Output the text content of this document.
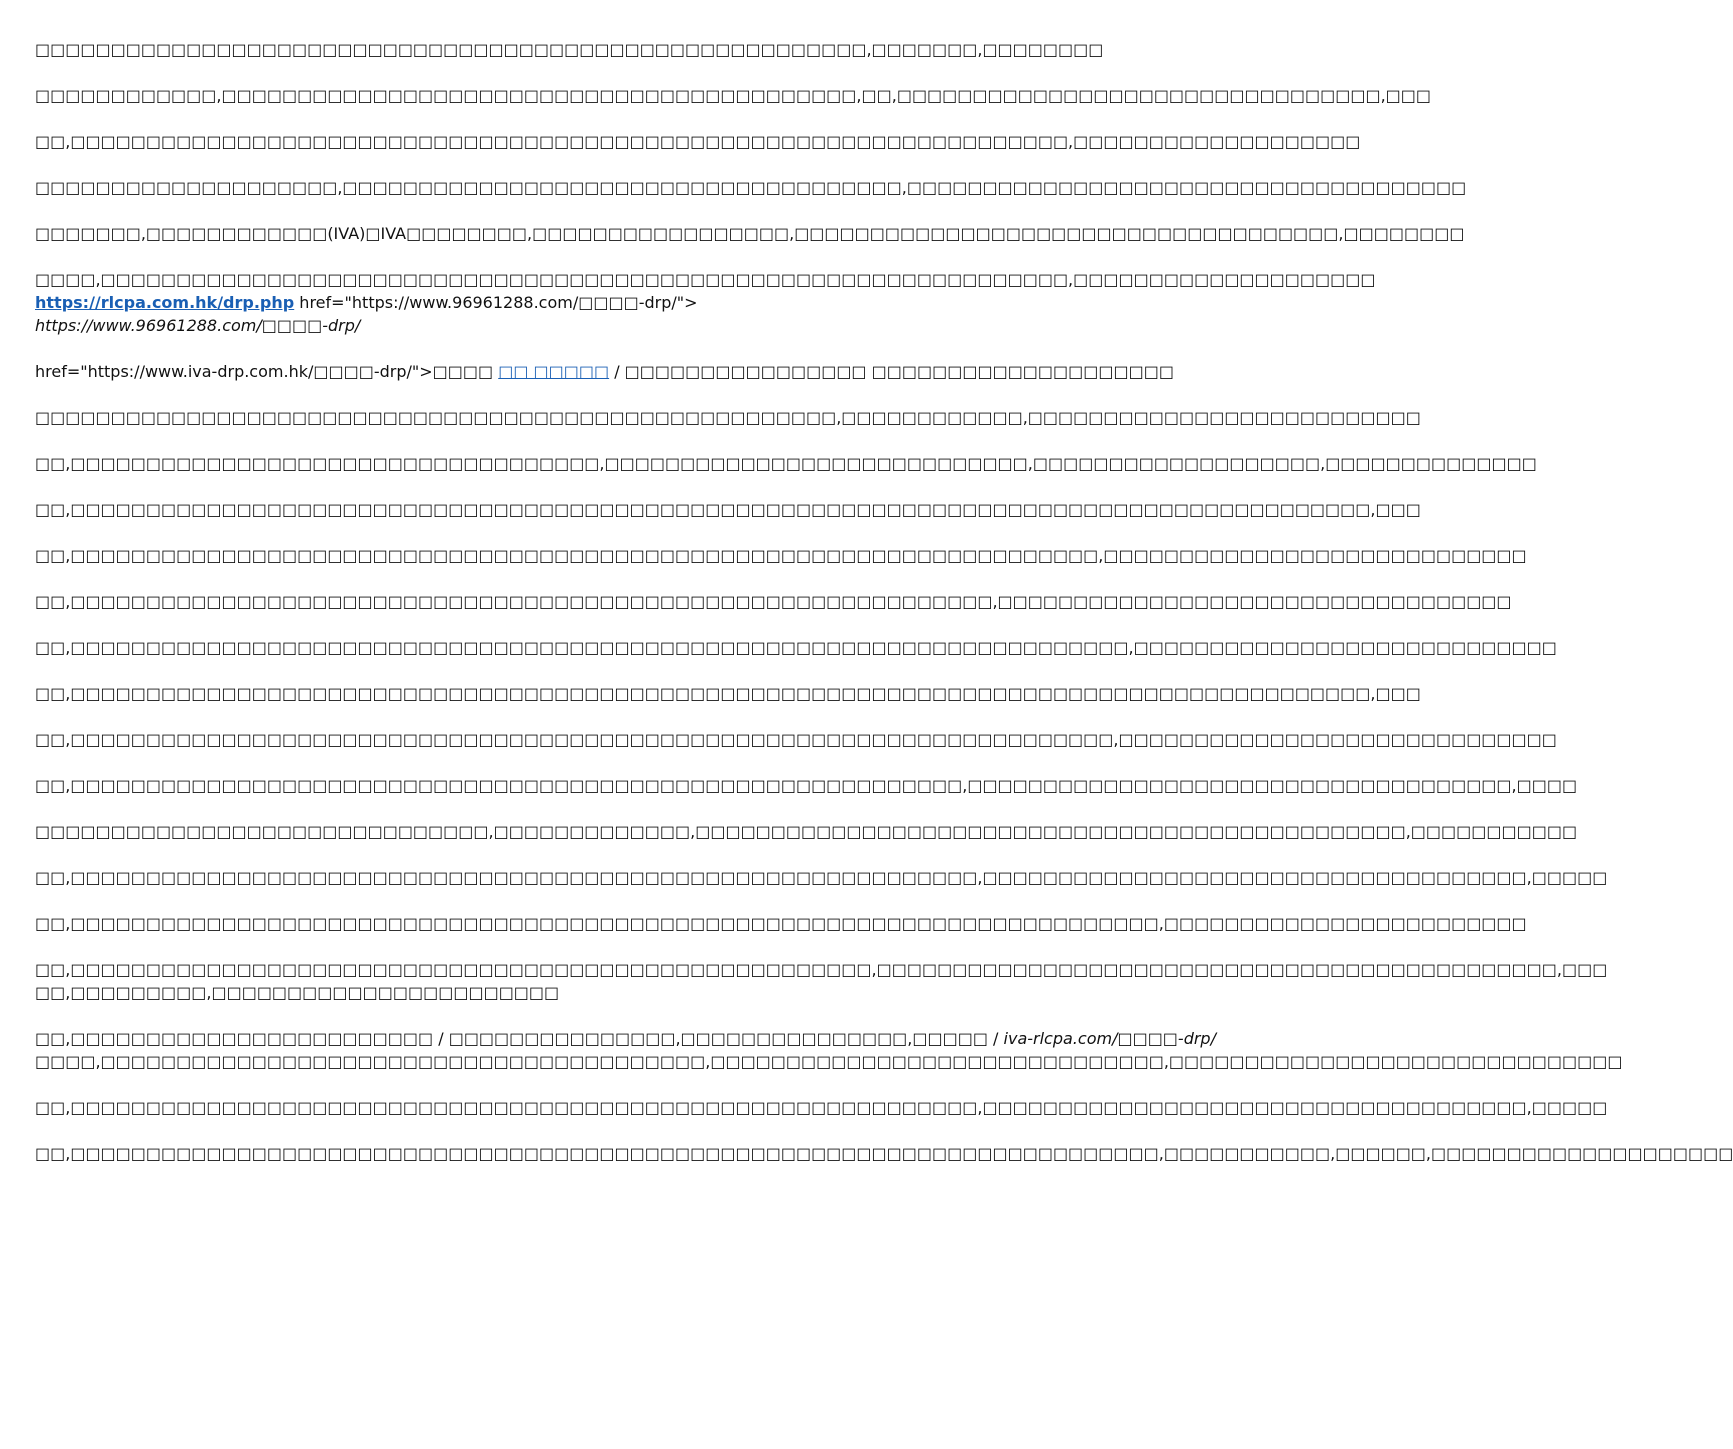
□□□□□□□□□□□□□□□□□□□□□□□□□□□□□□□□□□□□□□□□□□□□□□□□□□□□□□□,□□□□□□□,□□□□□□□□

□□□□□□□□□□□□,□□□□□□□□□□□□□□□□□□□□□□□□□□□□□□□□□□□□□□□□□□,□□,□□□□□□□□□□□□□□□□□□□□□□□□□□□□□□□□,□□□

□□,□□□□□□□□□□□□□□□□□□□□□□□□□□□□□□□□□□□□□□□□□□□□□□□□□□□□□□□□□□□□□□□□□□,□□□□□□□□□□□□□□□□□□□

□□□□□□□□□□□□□□□□□□□□,□□□□□□□□□□□□□□□□□□□□□□□□□□□□□□□□□□□□□,□□□□□□□□□□□□□□□□□□□□□□□□□□□□□□□□□□□□□

□□□□□□□,□□□□□□□□□□□□(IVA)□IVA□□□□□□□□,□□□□□□□□□□□□□□□□□,□□□□□□□□□□□□□□□□□□□□□□□□□□□□□□□□□□□□,□□□□□□□□

□□□□,□□□□□□□□□□□□□□□□□□□□□□□□□□□□□□□□□□□□□□□□□□□□□□□□□□□□□□□□□□□□□□□□,□□□□□□□□□□□□□□□□□□□□
https://rlcpa.com.hk/drp.php href="https://www.96961288.com/□□□□-drp/">
https://www.96961288.com/□□□□-drp/

href="https://www.iva-drp.com.hk/□□□□-drp/">□□□□ □□ □□□□□ / □□□□□□□□□□□□□□□□ □□□□□□□□□□□□□□□□□□□□

□□□□□□□□□□□□□□□□□□□□□□□□□□□□□□□□□□□□□□□□□□□□□□□□□□□□□,□□□□□□□□□□□□,□□□□□□□□□□□□□□□□□□□□□□□□□□

□□,□□□□□□□□□□□□□□□□□□□□□□□□□□□□□□□□□□□,□□□□□□□□□□□□□□□□□□□□□□□□□□□□,□□□□□□□□□□□□□□□□□□□,□□□□□□□□□□□□□□

□□,□□□□□□□□□□□□□□□□□□□□□□□□□□□□□□□□□□□□□□□□□□□□□□□□□□□□□□□□□□□□□□□□□□□□□□□□□□□□□□□□□□□□□□,□□□

□□,□□□□□□□□□□□□□□□□□□□□□□□□□□□□□□□□□□□□□□□□□□□□□□□□□□□□□□□□□□□□□□□□□□□□,□□□□□□□□□□□□□□□□□□□□□□□□□□□□

□□,□□□□□□□□□□□□□□□□□□□□□□□□□□□□□□□□□□□□□□□□□□□□□□□□□□□□□□□□□□□□□,□□□□□□□□□□□□□□□□□□□□□□□□□□□□□□□□□□

□□,□□□□□□□□□□□□□□□□□□□□□□□□□□□□□□□□□□□□□□□□□□□□□□□□□□□□□□□□□□□□□□□□□□□□□□,□□□□□□□□□□□□□□□□□□□□□□□□□□□□

□□,□□□□□□□□□□□□□□□□□□□□□□□□□□□□□□□□□□□□□□□□□□□□□□□□□□□□□□□□□□□□□□□□□□□□□□□□□□□□□□□□□□□□□□,□□□

□□,□□□□□□□□□□□□□□□□□□□□□□□□□□□□□□□□□□□□□□□□□□□□□□□□□□□□□□□□□□□□□□□□□□□□□,□□□□□□□□□□□□□□□□□□□□□□□□□□□□□

□□,□□□□□□□□□□□□□□□□□□□□□□□□□□□□□□□□□□□□□□□□□□□□□□□□□□□□□□□□□□□,□□□□□□□□□□□□□□□□□□□□□□□□□□□□□□□□□□□□,□□□□

□□□□□□□□□□□□□□□□□□□□□□□□□□□□□□,□□□□□□□□□□□□□,□□□□□□□□□□□□□□□□□□□□□□□□□□□□□□□□□□□□□□□□□□□□□□□,□□□□□□□□□□□

□□,□□□□□□□□□□□□□□□□□□□□□□□□□□□□□□□□□□□□□□□□□□□□□□□□□□□□□□□□□□□□,□□□□□□□□□□□□□□□□□□□□□□□□□□□□□□□□□□□□,□□□□□

□□,□□□□□□□□□□□□□□□□□□□□□□□□□□□□□□□□□□□□□□□□□□□□□□□□□□□□□□□□□□□□□□□□□□□□□□□□,□□□□□□□□□□□□□□□□□□□□□□□□

□□,□□□□□□□□□□□□□□□□□□□□□□□□□□□□□□□□□□□□□□□□□□□□□□□□□□□□□,□□□□□□□□□□□□□□□□□□□□□□□□□□□□□□□□□□□□□□□□□□□□□,□□□
□□,□□□□□□□□□,□□□□□□□□□□□□□□□□□□□□□□□
□□,□□□□□□□□□□□□□□□□□□□□□□□□ / □□□□□□□□□□□□□□□,□□□□□□□□□□□□□□□,□□□□□ / iva-rlcpa.com/□□□□-drp/
□□□□,□□□□□□□□□□□□□□□□□□□□□□□□□□□□□□□□□□□□□□□□,□□□□□□□□□□□□□□□□□□□□□□□□□□□□□□,□□□□□□□□□□□□□□□□□□□□□□□□□□□□□□

□□,□□□□□□□□□□□□□□□□□□□□□□□□□□□□□□□□□□□□□□□□□□□□□□□□□□□□□□□□□□□□,□□□□□□□□□□□□□□□□□□□□□□□□□□□□□□□□□□□□,□□□□□

□□,□□□□□□□□□□□□□□□□□□□□□□□□□□□□□□□□□□□□□□□□□□□□□□□□□□□□□□□□□□□□□□□□□□□□□□□□,□□□□□□□□□□□,□□□□□□,□□□□□□□□□□□□□□□□□□□□
